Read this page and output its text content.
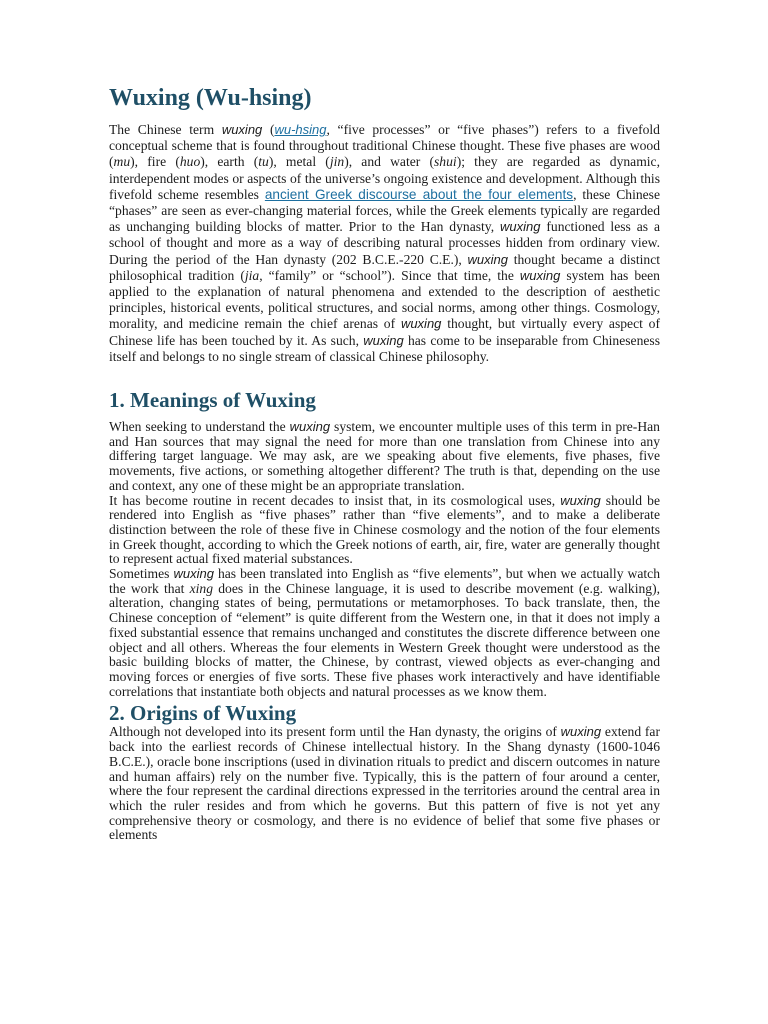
Wuxing (Wu-hsing)

The Chinese term wuxing (wu-hsing, “five processes” or “five phases”) refers to a fivefold conceptual scheme that is found throughout traditional Chinese thought. These five phases are wood (mu), fire (huo), earth (tu), metal (jin), and water (shui); they are regarded as dynamic, interdependent modes or aspects of the universe’s ongoing existence and development. Although this fivefold scheme resembles ancient Greek discourse about the four elements, these Chinese “phases” are seen as ever-changing material forces, while the Greek elements typically are regarded as unchanging building blocks of matter. Prior to the Han dynasty, wuxing functioned less as a school of thought and more as a way of describing natural processes hidden from ordinary view. During the period of the Han dynasty (202 B.C.E.-220 C.E.), wuxing thought became a distinct philosophical tradition (jia, “family” or “school”). Since that time, the wuxing system has been applied to the explanation of natural phenomena and extended to the description of aesthetic principles, historical events, political structures, and social norms, among other things. Cosmology, morality, and medicine remain the chief arenas of wuxing thought, but virtually every aspect of Chinese life has been touched by it. As such, wuxing has come to be inseparable from Chineseness itself and belongs to no single stream of classical Chinese philosophy.

1. Meanings of Wuxing

When seeking to understand the wuxing system, we encounter multiple uses of this term in pre-Han and Han sources that may signal the need for more than one translation from Chinese into any differing target language. We may ask, are we speaking about five elements, five phases, five movements, five actions, or something altogether different? The truth is that, depending on the use and context, any one of these might be an appropriate translation.

It has become routine in recent decades to insist that, in its cosmological uses, wuxing should be rendered into English as “five phases” rather than “five elements”, and to make a deliberate distinction between the role of these five in Chinese cosmology and the notion of the four elements in Greek thought, according to which the Greek notions of earth, air, fire, water are generally thought to represent actual fixed material substances.

Sometimes wuxing has been translated into English as “five elements”, but when we actually watch the work that xing does in the Chinese language, it is used to describe movement (e.g. walking), alteration, changing states of being, permutations or metamorphoses. To back translate, then, the Chinese conception of “element” is quite different from the Western one, in that it does not imply a fixed substantial essence that remains unchanged and constitutes the discrete difference between one object and all others. Whereas the four elements in Western Greek thought were understood as the basic building blocks of matter, the Chinese, by contrast, viewed objects as ever-changing and moving forces or energies of five sorts. These five phases work interactively and have identifiable correlations that instantiate both objects and natural processes as we know them.

2. Origins of Wuxing

Although not developed into its present form until the Han dynasty, the origins of wuxing extend far back into the earliest records of Chinese intellectual history. In the Shang dynasty (1600-1046 B.C.E.), oracle bone inscriptions (used in divination rituals to predict and discern outcomes in nature and human affairs) rely on the number five. Typically, this is the pattern of four around a center, where the four represent the cardinal directions expressed in the territories around the central area in which the ruler resides and from which he governs. But this pattern of five is not yet any comprehensive theory or cosmology, and there is no evidence of belief that some five phases or elements
